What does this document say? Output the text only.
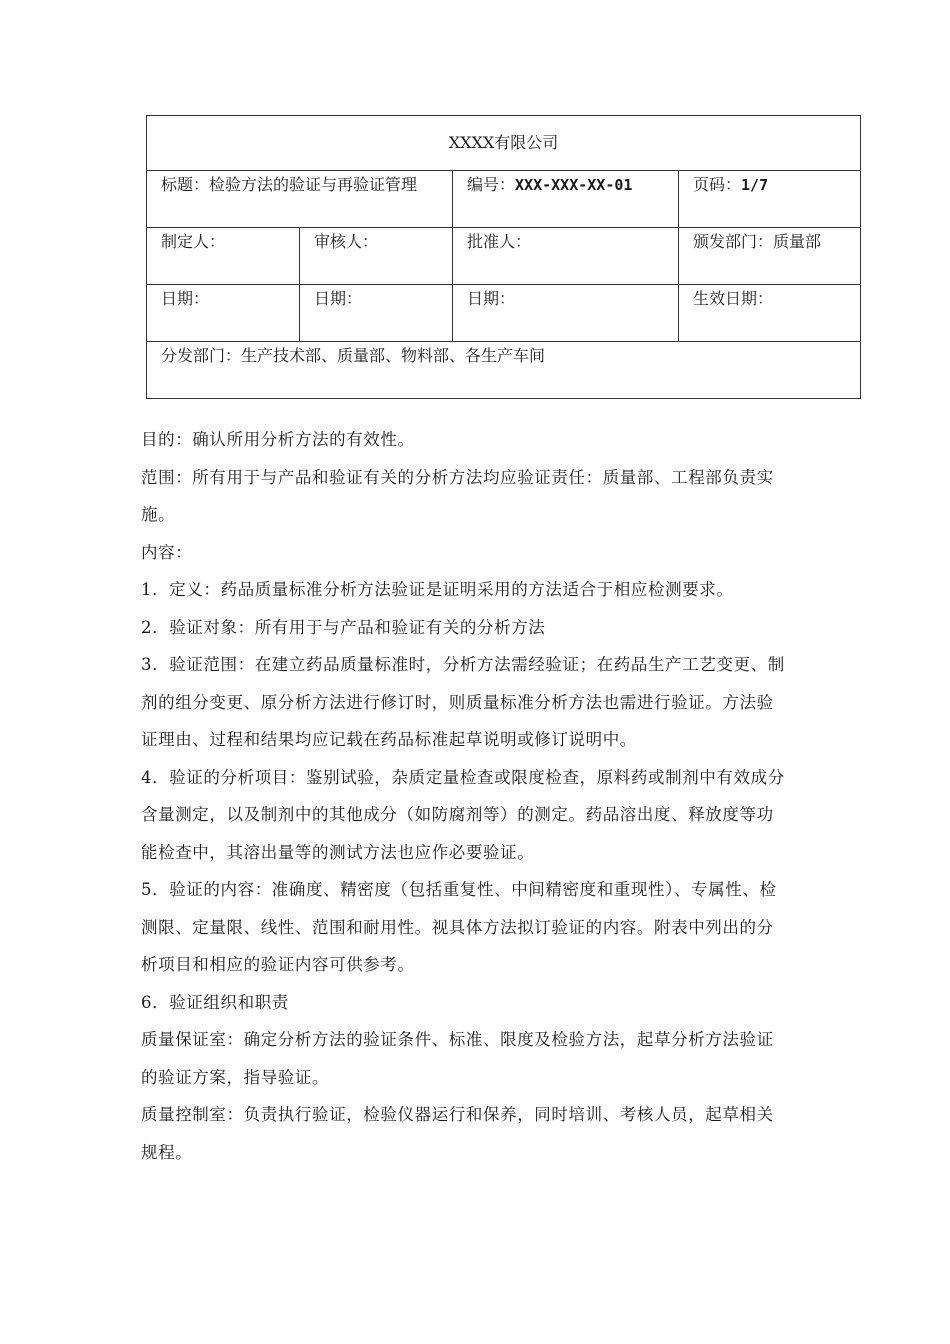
XXXX有限公司			
标题：检验方法的验证与再验证管理		编号：XXX-XXX-XX-01	页码：1/7
制定人：	审核人：	批准人：	颁发部门：质量部
日期：	日期：	日期：	生效日期：
分发部门：生产技术部、质量部、物料部、各生产车间			

目的：确认所用分析方法的有效性。

范围：所有用于与产品和验证有关的分析方法均应验证责任：质量部、工程部负责实

施。

内容：

1．定义：药品质量标准分析方法验证是证明采用的方法适合于相应检测要求。

2．验证对象：所有用于与产品和验证有关的分析方法

3．验证范围：在建立药品质量标准时，分析方法需经验证；在药品生产工艺变更、制

剂的组分变更、原分析方法进行修订时，则质量标准分析方法也需进行验证。方法验

证理由、过程和结果均应记载在药品标准起草说明或修订说明中。

4．验证的分析项目：鉴别试验，杂质定量检查或限度检查，原料药或制剂中有效成分

含量测定，以及制剂中的其他成分（如防腐剂等）的测定。药品溶出度、释放度等功

能检查中，其溶出量等的测试方法也应作必要验证。

5．验证的内容：准确度、精密度（包括重复性、中间精密度和重现性）、专属性、检

测限、定量限、线性、范围和耐用性。视具体方法拟订验证的内容。附表中列出的分

析项目和相应的验证内容可供参考。

6．验证组织和职责

质量保证室：确定分析方法的验证条件、标准、限度及检验方法，起草分析方法验证

的验证方案，指导验证。

质量控制室：负责执行验证，检验仪器运行和保养，同时培训、考核人员，起草相关

规程。
